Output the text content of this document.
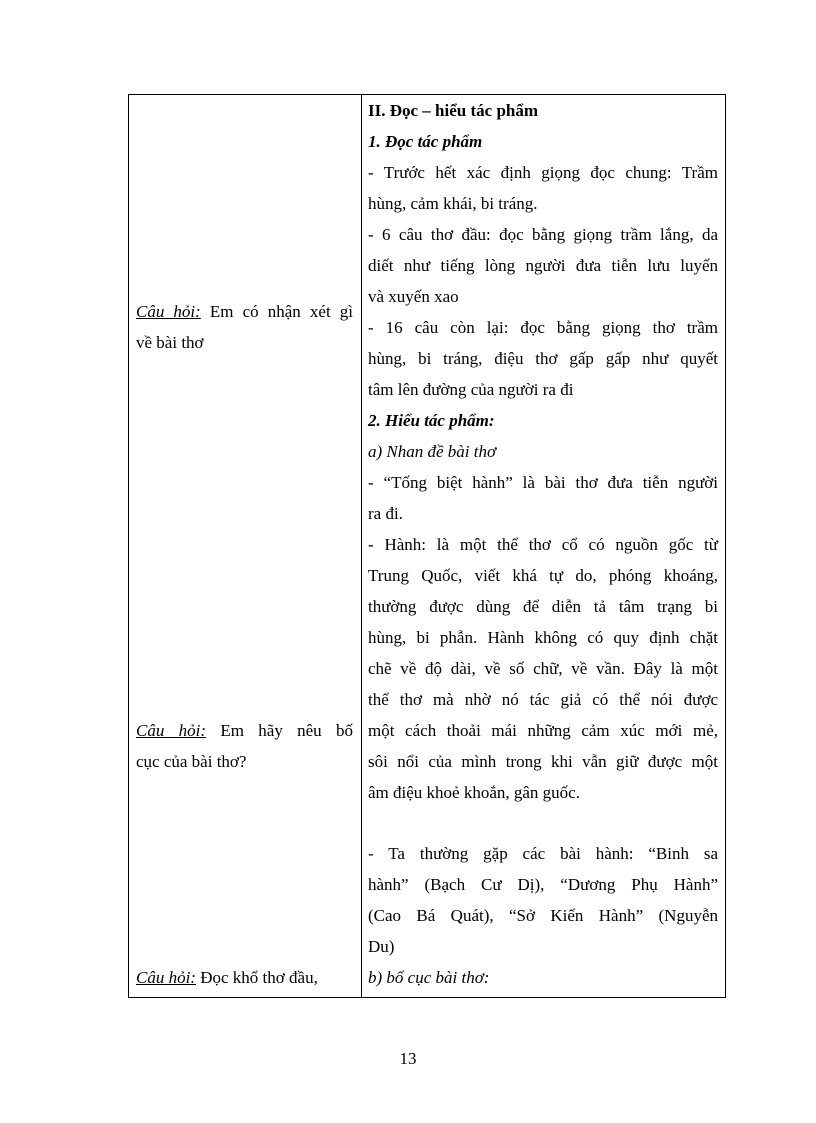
Câu hỏi: Em có nhận xét gì
về bài thơ
Câu hỏi: Em hãy nêu bố
cục của bài thơ?
Câu hỏi: Đọc khổ thơ đầu,
II. Đọc – hiểu tác phẩm
1. Đọc tác phẩm
- Trước hết xác định giọng đọc chung: Trầm
hùng, cảm khái, bi tráng.
- 6 câu thơ đầu: đọc bằng giọng trầm lắng, da
diết như tiếng lòng người đưa tiễn lưu luyến
và xuyến xao
- 16 câu còn lại: đọc bằng giọng thơ trầm
hùng, bi tráng, điệu thơ gấp gấp như quyết
tâm lên đường của người ra đi
2. Hiểu tác phẩm:
a) Nhan đề bài thơ
- “Tống biệt hành” là bài thơ đưa tiễn người
ra đi.
- Hành: là một thể thơ cổ có nguồn gốc từ
Trung Quốc, viết khá tự do, phóng khoáng,
thường được dùng để diễn tả tâm trạng bi
hùng, bi phẫn. Hành không có quy định chặt
chẽ về độ dài, về số chữ, về vần. Đây là một
thể thơ mà nhờ nó tác giả có thể nói được
một cách thoải mái những cảm xúc mới mẻ,
sôi nổi của mình trong khi vẫn giữ được một
âm điệu khoẻ khoắn, gân guốc.
- Ta thường gặp các bài hành: “Binh sa
hành” (Bạch Cư Dị), “Dương Phụ Hành”
(Cao Bá Quát), “Sở Kiến Hành” (Nguyễn
Du)
b) bố cục bài thơ:
13
